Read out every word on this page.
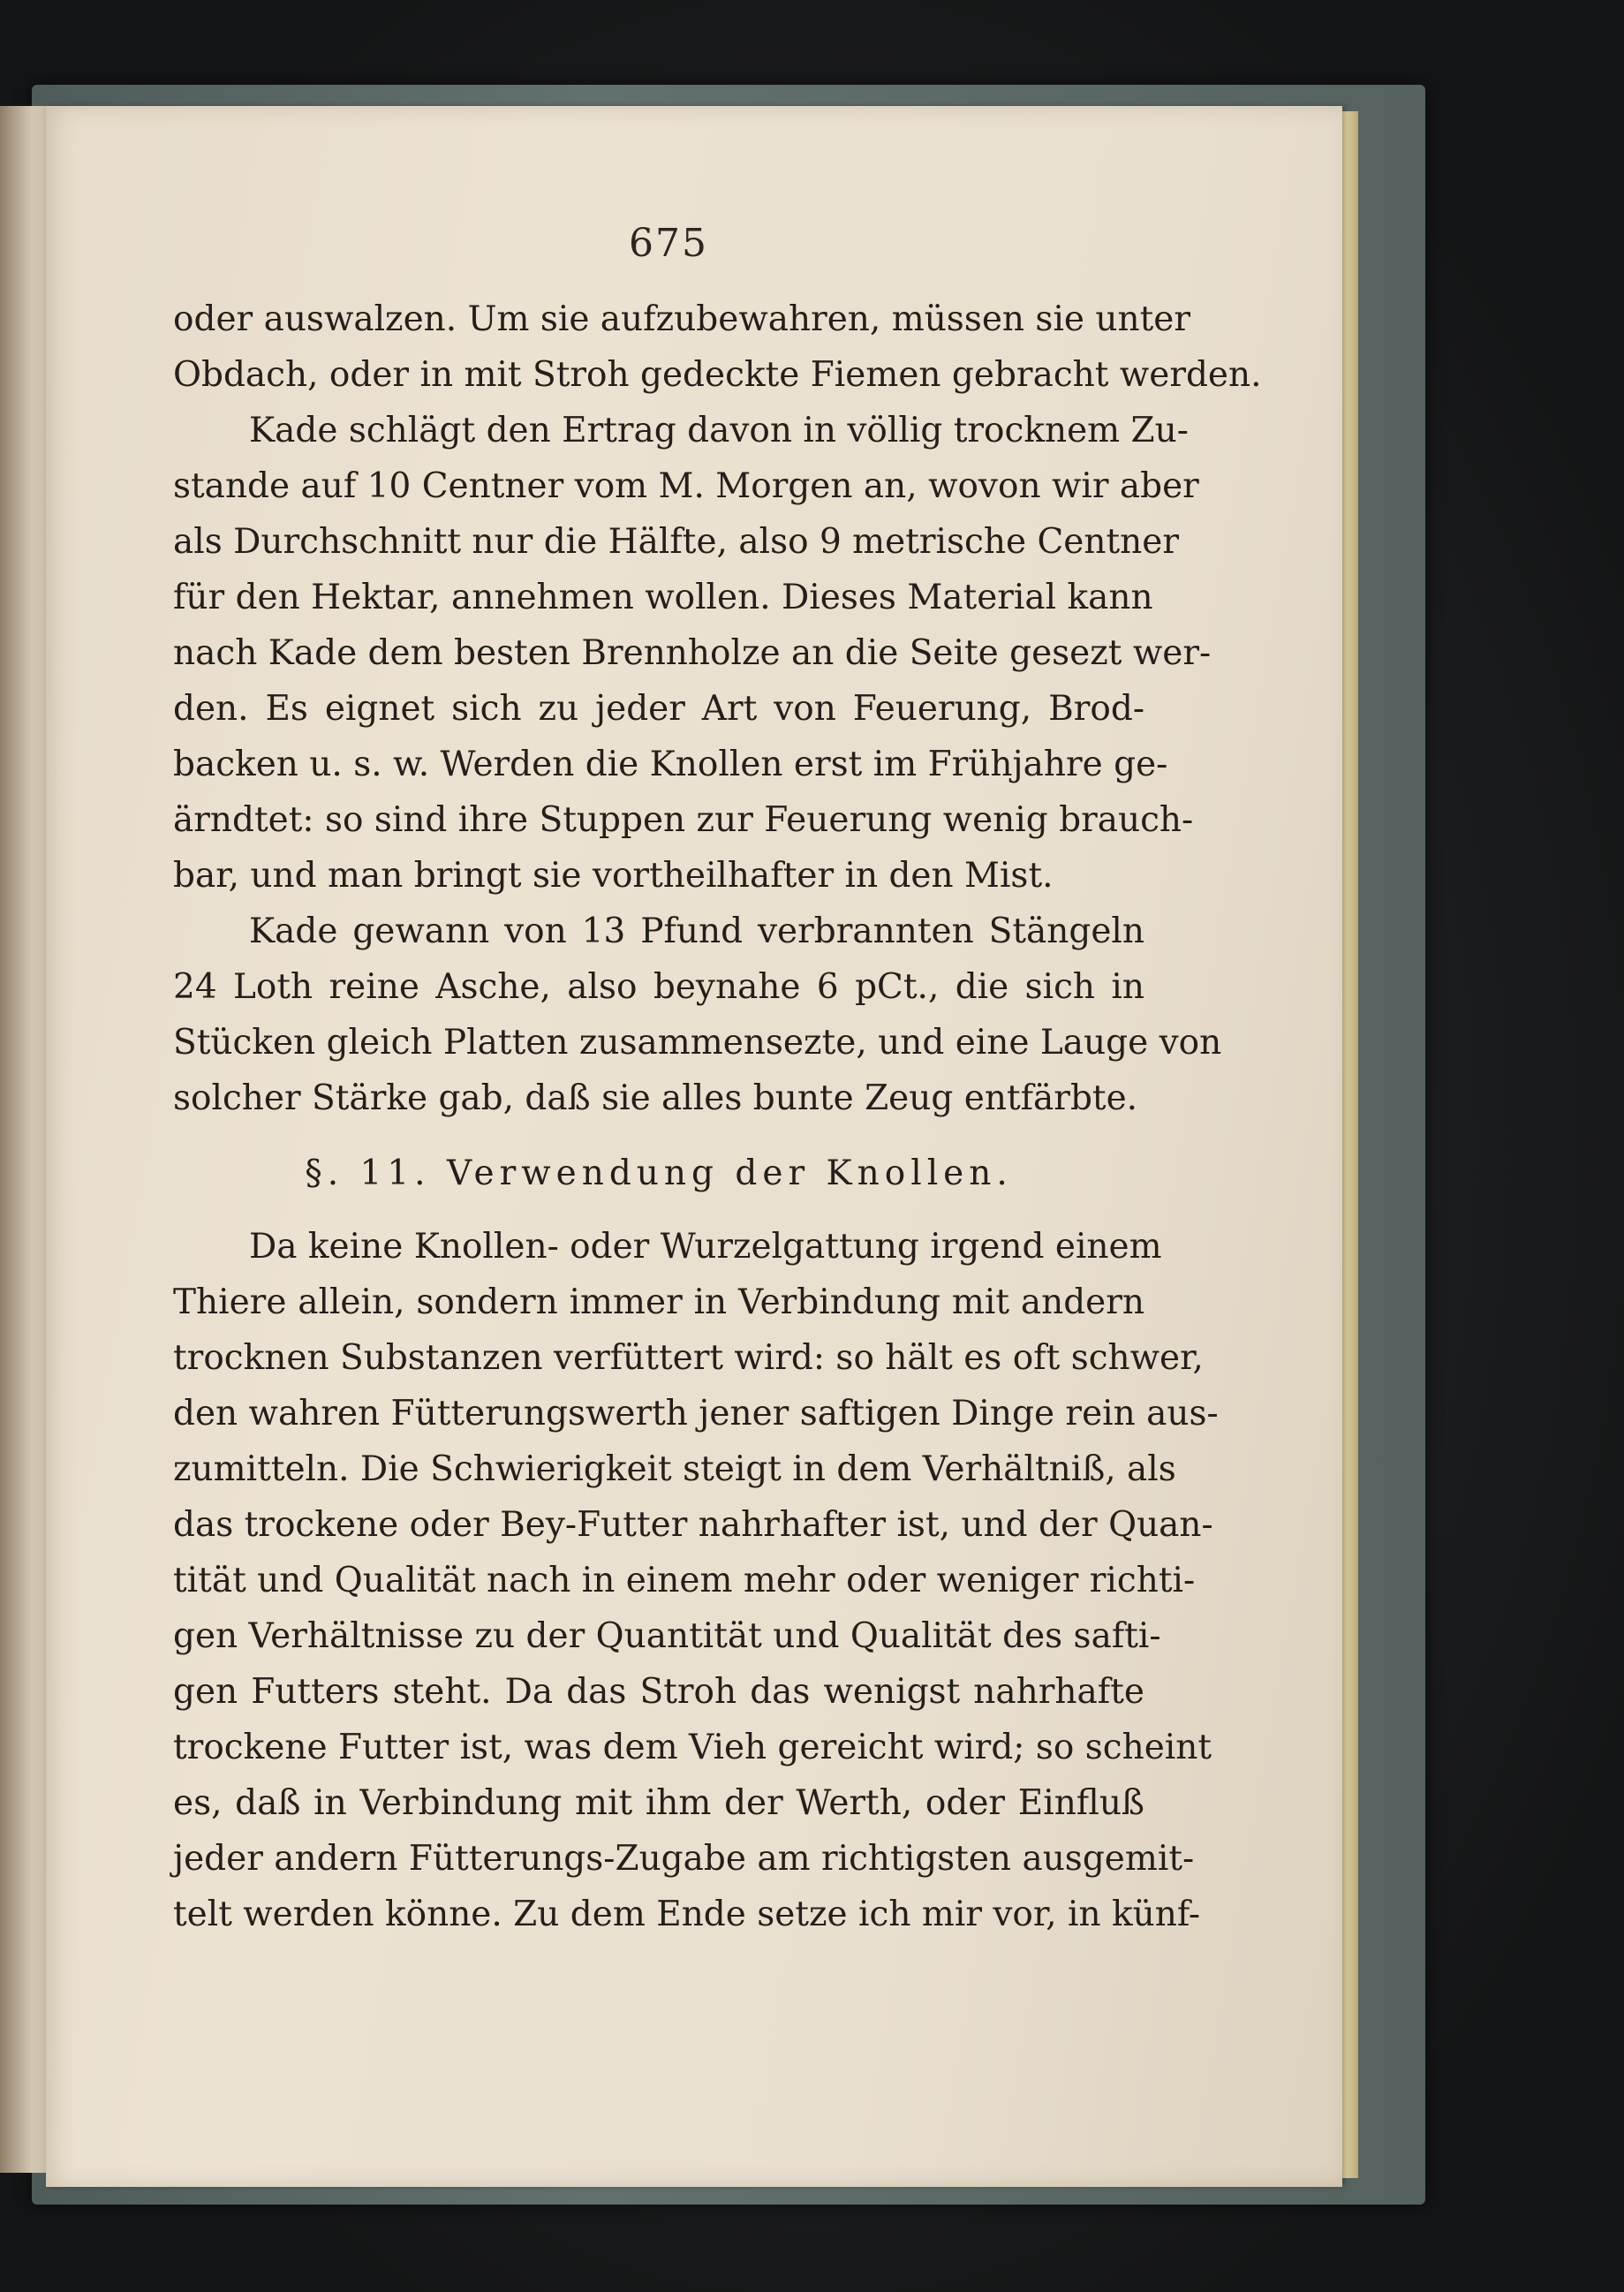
675
oder auswalzen. Um sie aufzubewahren, müssen sie unter
Obdach, oder in mit Stroh gedeckte Fiemen gebracht werden.
Kade schlägt den Ertrag davon in völlig trocknem Zu-
stande auf 10 Centner vom M. Morgen an, wovon wir aber
als Durchschnitt nur die Hälfte, also 9 metrische Centner
für den Hektar, annehmen wollen. Dieses Material kann
nach Kade dem besten Brennholze an die Seite gesezt wer-
den. Es eignet sich zu jeder Art von Feuerung, Brod-
backen u. s. w. Werden die Knollen erst im Frühjahre ge-
ärndtet: so sind ihre Stuppen zur Feuerung wenig brauch-
bar, und man bringt sie vortheilhafter in den Mist.
Kade gewann von 13 Pfund verbrannten Stängeln
24 Loth reine Asche, also beynahe 6 pCt., die sich in
Stücken gleich Platten zusammensezte, und eine Lauge von
solcher Stärke gab, daß sie alles bunte Zeug entfärbte.
§. 11. Verwendung der Knollen.
Da keine Knollen- oder Wurzelgattung irgend einem
Thiere allein, sondern immer in Verbindung mit andern
trocknen Substanzen verfüttert wird: so hält es oft schwer,
den wahren Fütterungswerth jener saftigen Dinge rein aus-
zumitteln. Die Schwierigkeit steigt in dem Verhältniß, als
das trockene oder Bey-Futter nahrhafter ist, und der Quan-
tität und Qualität nach in einem mehr oder weniger richti-
gen Verhältnisse zu der Quantität und Qualität des safti-
gen Futters steht. Da das Stroh das wenigst nahrhafte
trockene Futter ist, was dem Vieh gereicht wird; so scheint
es, daß in Verbindung mit ihm der Werth, oder Einfluß
jeder andern Fütterungs-Zugabe am richtigsten ausgemit-
telt werden könne. Zu dem Ende setze ich mir vor, in künf-
